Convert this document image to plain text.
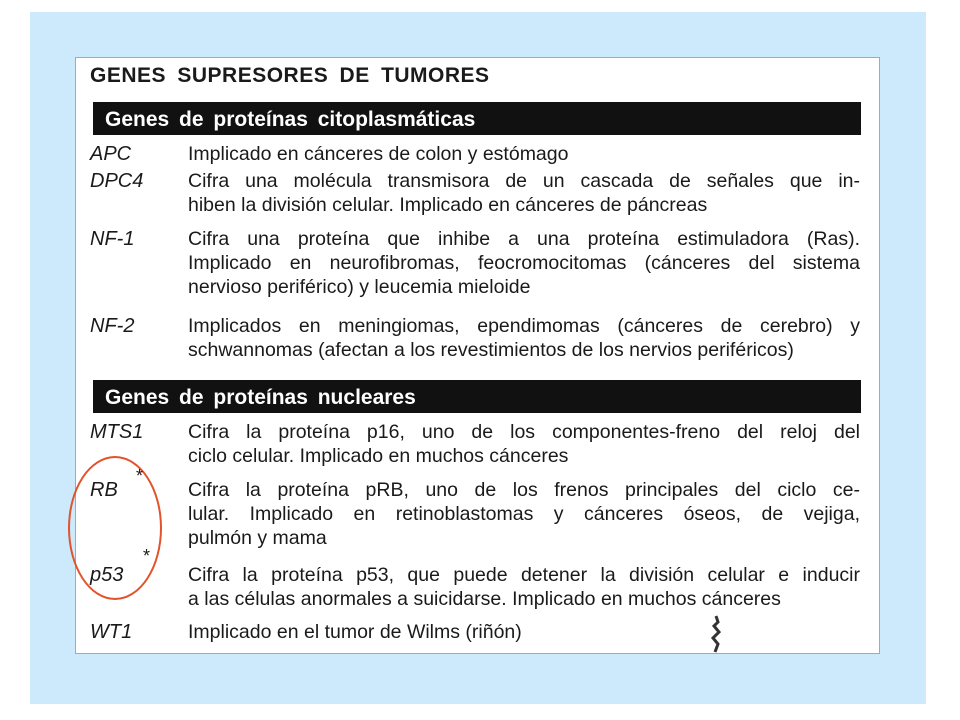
GENES SUPRESORES DE TUMORES
Genes de proteínas citoplasmáticas
APC	Implicado en cánceres de colon y estómago
DPC4 Cifra una molécula transmisora de un cascada de señales que in-
hiben la división celular. Implicado en cánceres de páncreas
NF-1	Cifra una proteína que inhibe a una proteína estimuladora (Ras).
Implicado en neurofibromas, feocromocitomas (cánceres del sistema
nervioso periférico) y leucemia mieloide
NF-2	Implicados en meningiomas, ependimomas (cánceres de cerebro) y
schwannomas (afectan a los revestimientos de los nervios periféricos)
Genes de proteínas nucleares
MTS1 Cifra la proteína p16, uno de los componentes-freno del reloj del
ciclo celular. Implicado en muchos cánceres
RB	Cifra la proteína pRB, uno de los frenos principales del ciclo ce-
lular. Implicado en retinoblastomas y cánceres óseos, de vejiga,
pulmón y mama
p53	Cifra la proteína p53, que puede detener la división celular e inducir
a las células anormales a suicidarse. Implicado en muchos cánceres
WT1	Implicado en el tumor de Wilms (riñón)
*
*
